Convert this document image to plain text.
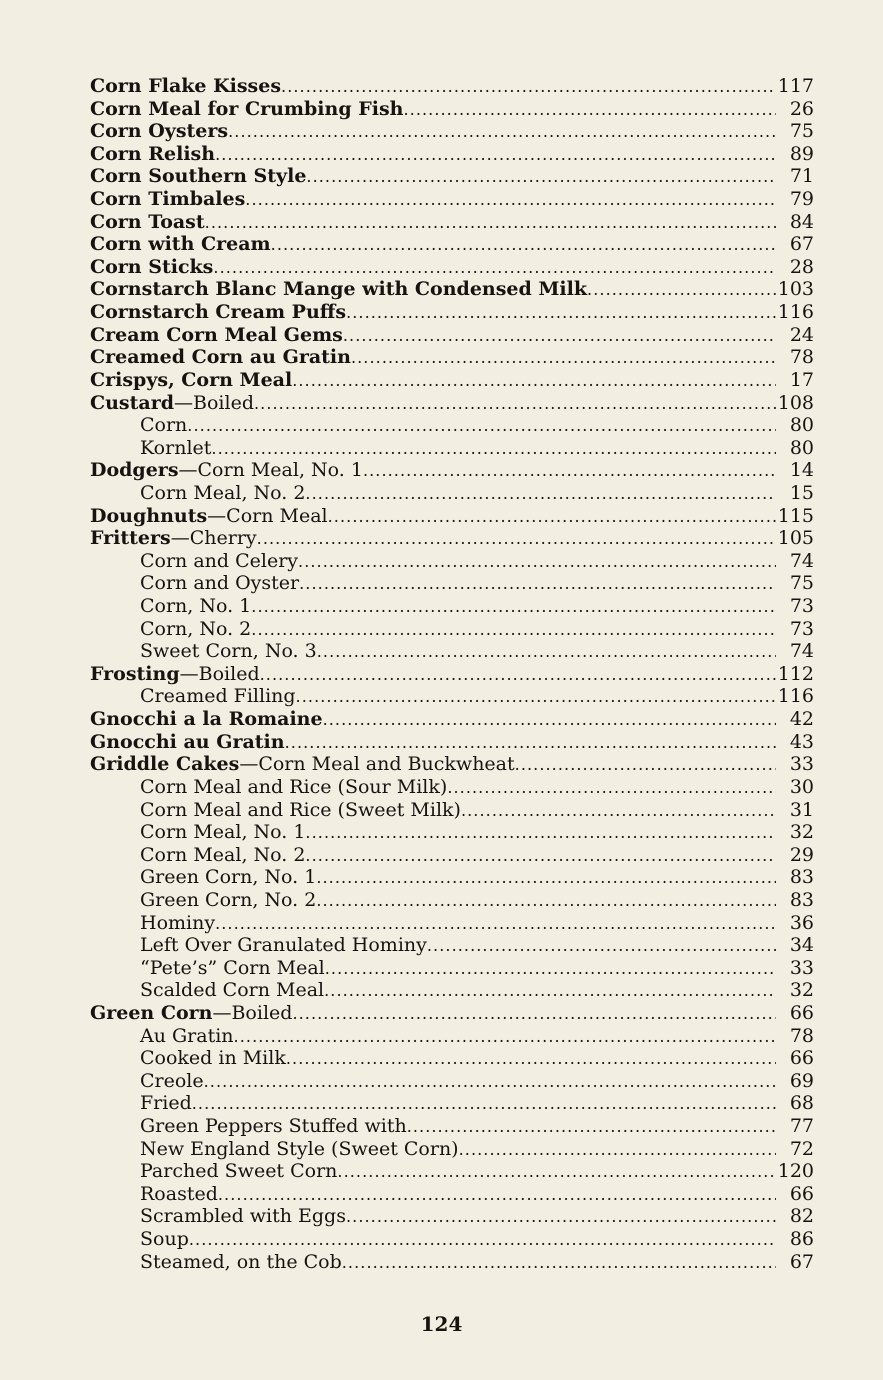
Corn Flake Kisses . . .	117
Corn Meal for Crumbing Fish . . .	26
Corn Oysters . . .	75
Corn Relish . . .	89
Corn Southern Style . . .	71
Corn Timbales . . .	79
Corn Toast . . .	84
Corn with Cream . . .	67
Corn Sticks . . .	28
Cornstarch Blanc Mange with Condensed Milk . . .	103
Cornstarch Cream Puffs . . .	116
Cream Corn Meal Gems . . .	24
Creamed Corn au Gratin . . .	78
Crispys, Corn Meal . . .	17
Custard —Boiled . . .	108
Corn . . .	80
Kornlet . . .	80
Dodgers —Corn Meal, No. 1 . . .	14
Corn Meal, No. 2 . . .	15
Doughnuts —Corn Meal . . .	115
Fritters —Cherry . . .	105
Corn and Celery . . .	74
Corn and Oyster . . .	75
Corn, No. 1 . . .	73
Corn, No. 2 . . .	73
Sweet Corn, No. 3 . . .	74
Frosting —Boiled . . .	112
Creamed Filling . . .	116
Gnocchi a la Romaine . . .	42
Gnocchi au Gratin . . .	43
Griddle Cakes —Corn Meal and Buckwheat . . .	33
Corn Meal and Rice (Sour Milk) . . .	30
Corn Meal and Rice (Sweet Milk) . . .	31
Corn Meal, No. 1 . . .	32
Corn Meal, No. 2 . . .	29
Green Corn, No. 1 . . .	83
Green Corn, No. 2 . . .	83
Hominy . . .	36
Left Over Granulated Hominy . . .	34
“Pete’s” Corn Meal . . .	33
Scalded Corn Meal . . .	32
Green Corn —Boiled . . .	66
Au Gratin . . .	78
Cooked in Milk . . .	66
Creole . . .	69
Fried . . .	68
Green Peppers Stuffed with . . .	77
New England Style (Sweet Corn) . . .	72
Parched Sweet Corn . . .	120
Roasted . . .	66
Scrambled with Eggs . . .	82
Soup . . .	86
Steamed, on the Cob . . .	67
124
